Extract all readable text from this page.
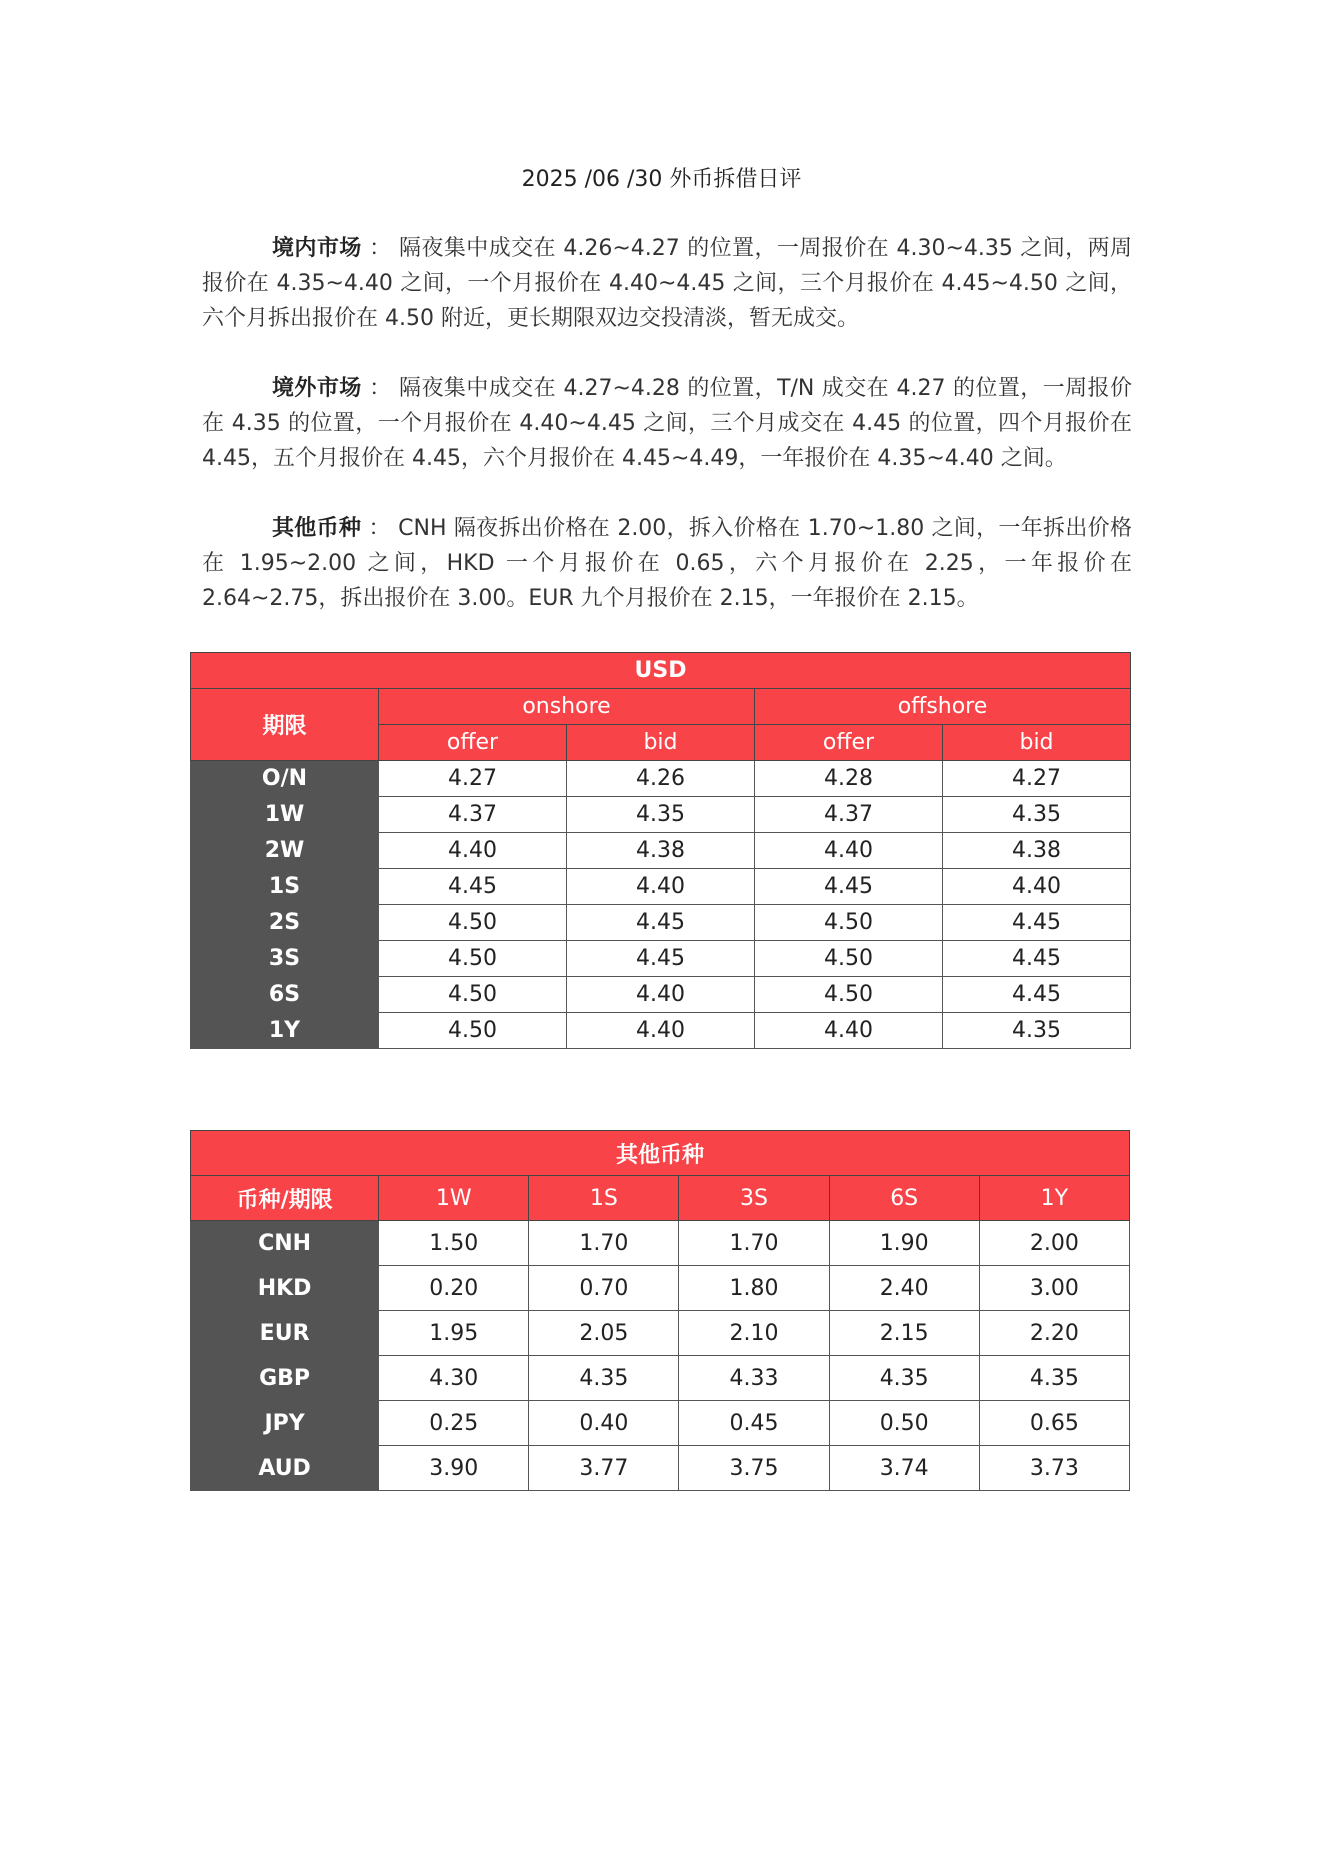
2025 /06 /30 外币拆借日评
境内市场 ： 隔夜集中成交在 4.26~4.27 的位置，一周报价在 4.30~4.35 之间，两周报价在 4.35~4.40 之间，一个月报价在 4.40~4.45 之间，三个月报价在 4.45~4.50 之间，六个月拆出报价在 4.50 附近，更长期限双边交投清淡，暂无成交。
境外市场 ： 隔夜集中成交在 4.27~4.28 的位置，T/N 成交在 4.27 的位置，一周报价在 4.35 的位置，一个月报价在 4.40~4.45 之间，三个月成交在 4.45 的位置，四个月报价在 4.45，五个月报价在 4.45，六个月报价在 4.45~4.49，一年报价在 4.35~4.40 之间。
其他币种 ： CNH 隔夜拆出价格在 2.00，拆入价格在 1.70~1.80 之间，一年拆出价格在 1.95~2.00 之间，HKD 一个月报价在 0.65，六个月报价在 2.25，一年报价在 2.64~2.75，拆出报价在 3.00。EUR 九个月报价在 2.15，一年报价在 2.15。
USD				
期限	onshore		offshore	
	offer	bid	offer	bid
O/N	4.27	4.26	4.28	4.27
1W	4.37	4.35	4.37	4.35
2W	4.40	4.38	4.40	4.38
1S	4.45	4.40	4.45	4.40
2S	4.50	4.45	4.50	4.45
3S	4.50	4.45	4.50	4.45
6S	4.50	4.40	4.50	4.45
1Y	4.50	4.40	4.40	4.35
其他币种					
币种/期限	1W	1S	3S	6S	1Y
CNH	1.50	1.70	1.70	1.90	2.00
HKD	0.20	0.70	1.80	2.40	3.00
EUR	1.95	2.05	2.10	2.15	2.20
GBP	4.30	4.35	4.33	4.35	4.35
JPY	0.25	0.40	0.45	0.50	0.65
AUD	3.90	3.77	3.75	3.74	3.73
